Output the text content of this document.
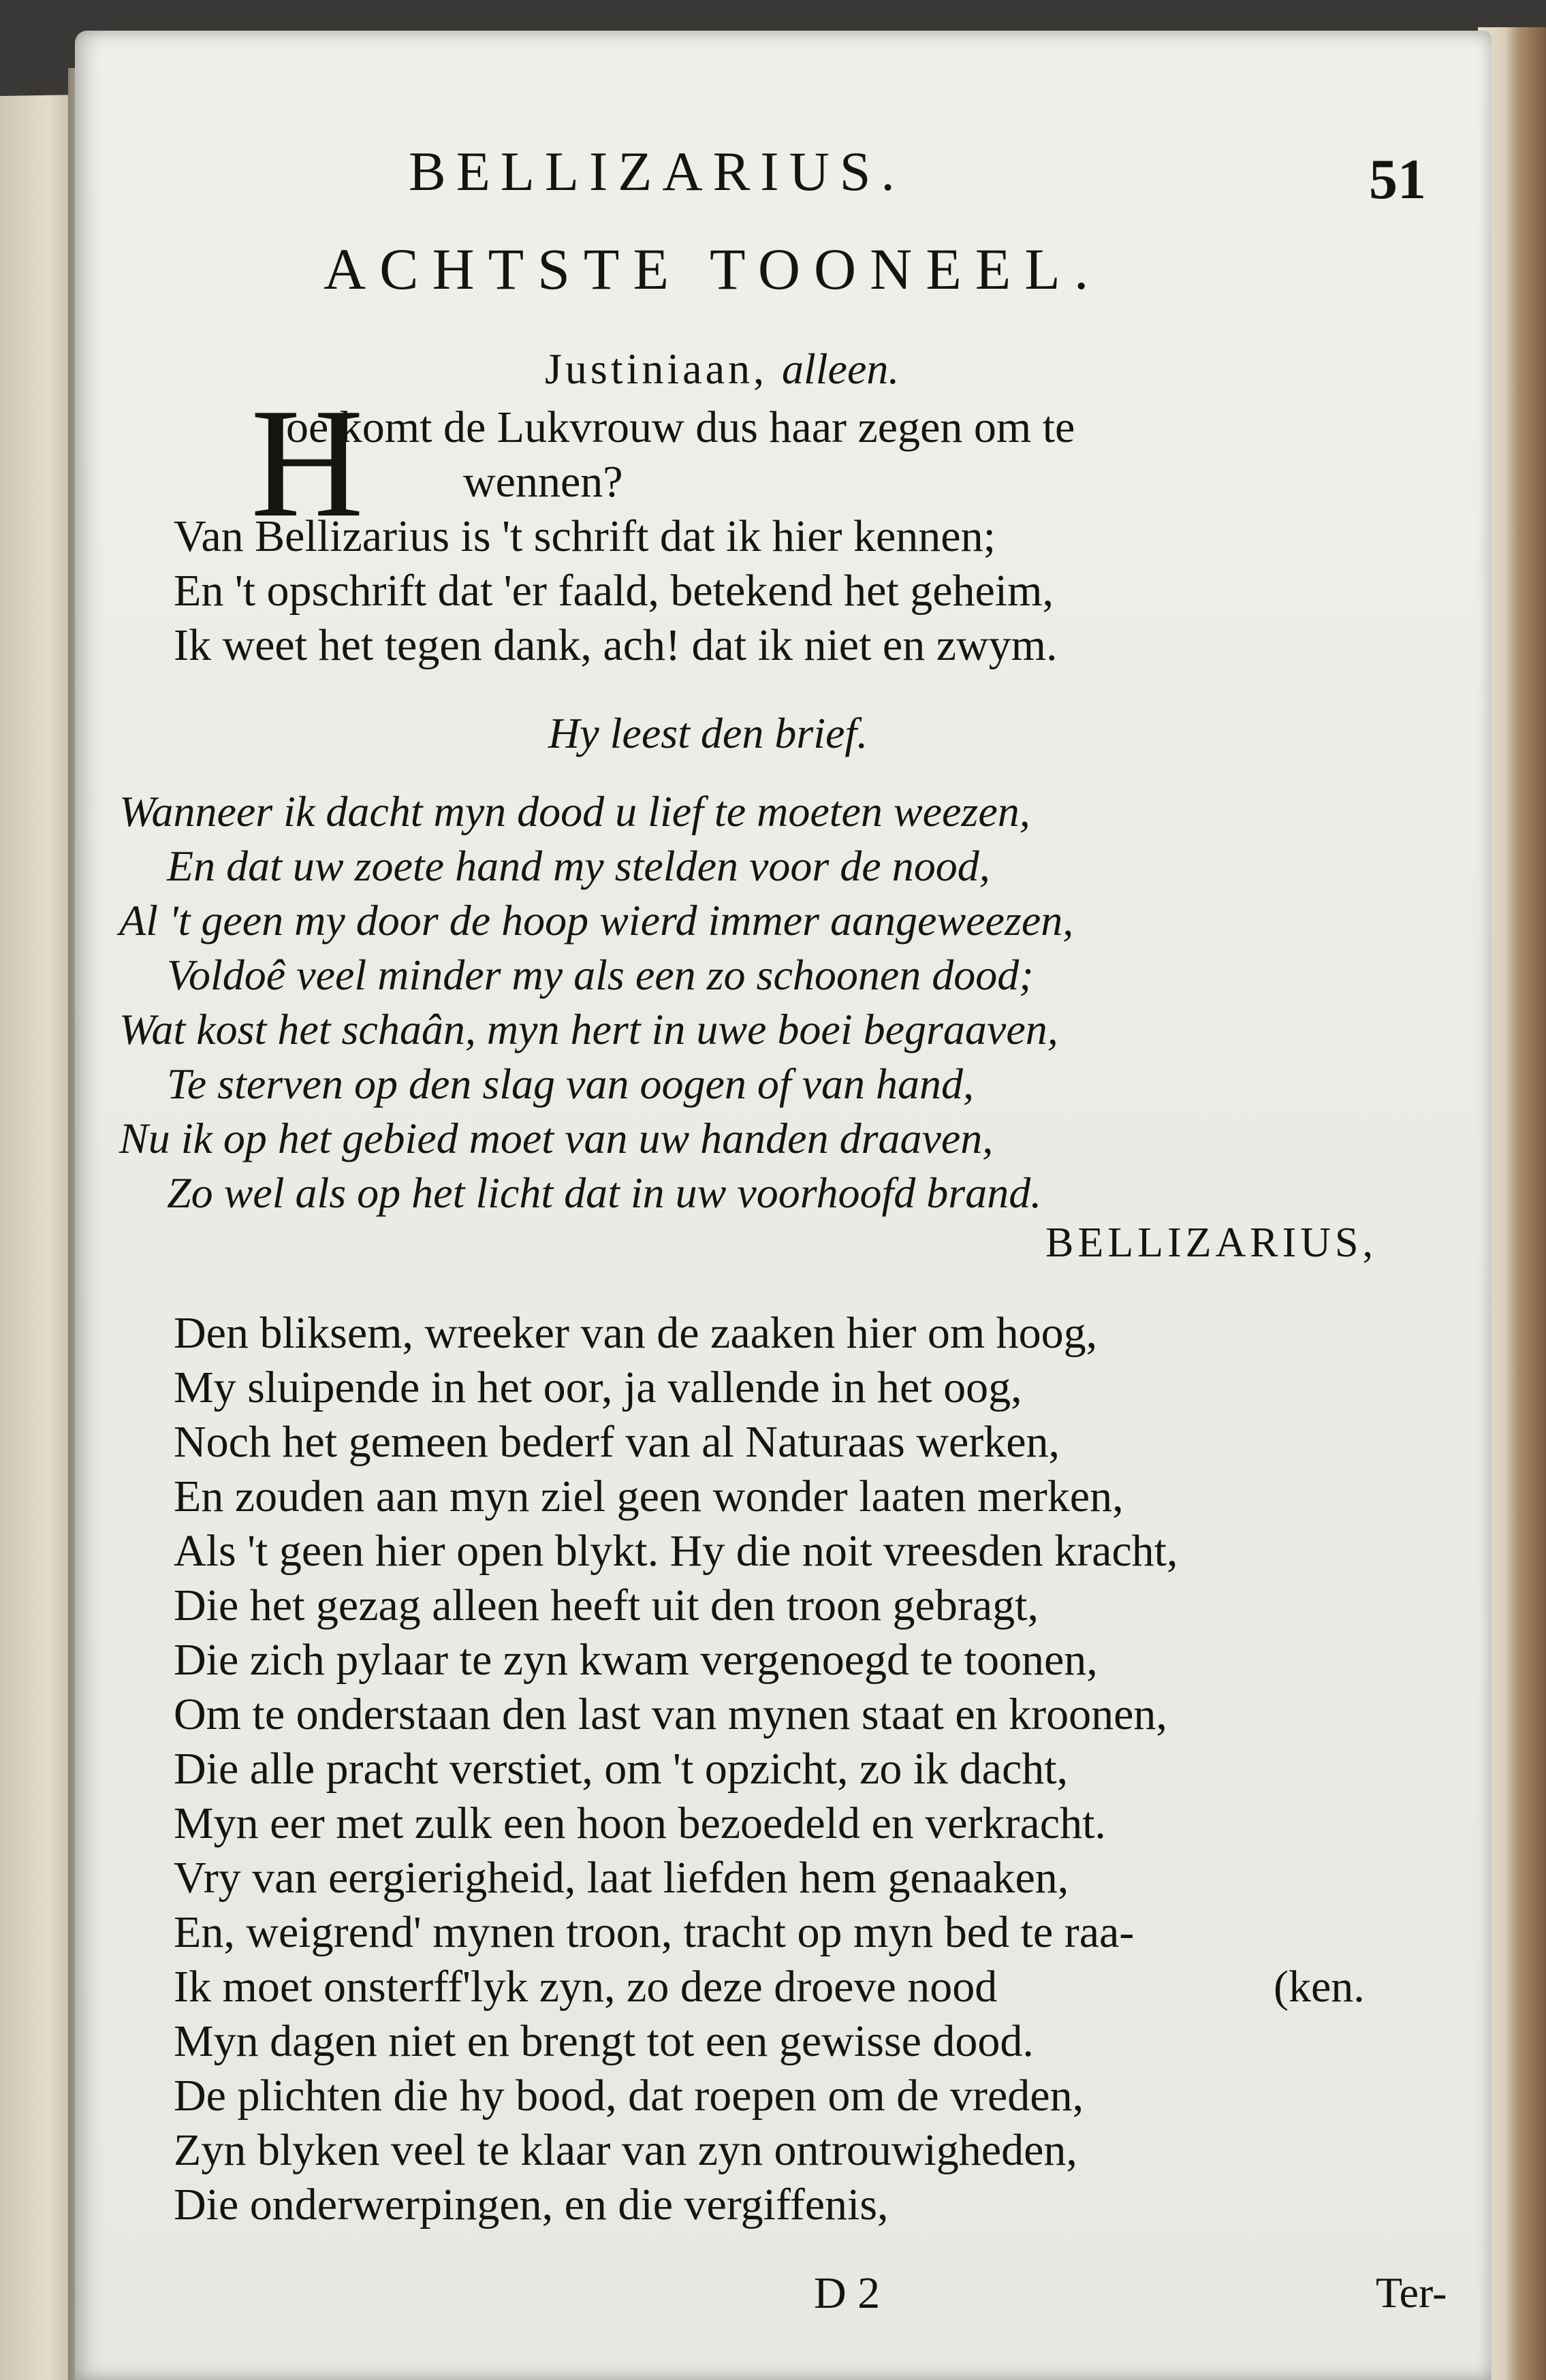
BELLIZARIUS.	51
ACHTSTE TOONEEL.
Justiniaan, alleen.
H
oe komt de Lukvrouw dus haar zegen om te
wennen?
Van Bellizarius is 't schrift dat ik hier kennen;
En 't opschrift dat 'er faald, betekend het geheim,
Ik weet het tegen dank, ach! dat ik niet en zwym.
Hy leest den brief.
Wanneer ik dacht myn dood u lief te moeten weezen,
En dat uw zoete hand my stelden voor de nood,
Al 't geen my door de hoop wierd immer aangeweezen,
Voldoê veel minder my als een zo schoonen dood;
Wat kost het schaân, myn hert in uwe boei begraaven,
Te sterven op den slag van oogen of van hand,
Nu ik op het gebied moet van uw handen draaven,
Zo wel als op het licht dat in uw voorhoofd brand.
BELLIZARIUS,
Den bliksem, wreeker van de zaaken hier om hoog,
My sluipende in het oor, ja vallende in het oog,
Noch het gemeen bederf van al Naturaas werken,
En zouden aan myn ziel geen wonder laaten merken,
Als 't geen hier open blykt. Hy die noit vreesden kracht,
Die het gezag alleen heeft uit den troon gebragt,
Die zich pylaar te zyn kwam vergenoegd te toonen,
Om te onderstaan den last van mynen staat en kroonen,
Die alle pracht verstiet, om 't opzicht, zo ik dacht,
Myn eer met zulk een hoon bezoedeld en verkracht.
Vry van eergierigheid, laat liefden hem genaaken,
En, weigrend' mynen troon, tracht op myn bed te raa-
Ik moet onsterff'lyk zyn, zo deze droeve nood	(ken.
Myn dagen niet en brengt tot een gewisse dood.
De plichten die hy bood, dat roepen om de vreden,
Zyn blyken veel te klaar van zyn ontrouwigheden,
Die onderwerpingen, en die vergiffenis,
D 2	Ter-
